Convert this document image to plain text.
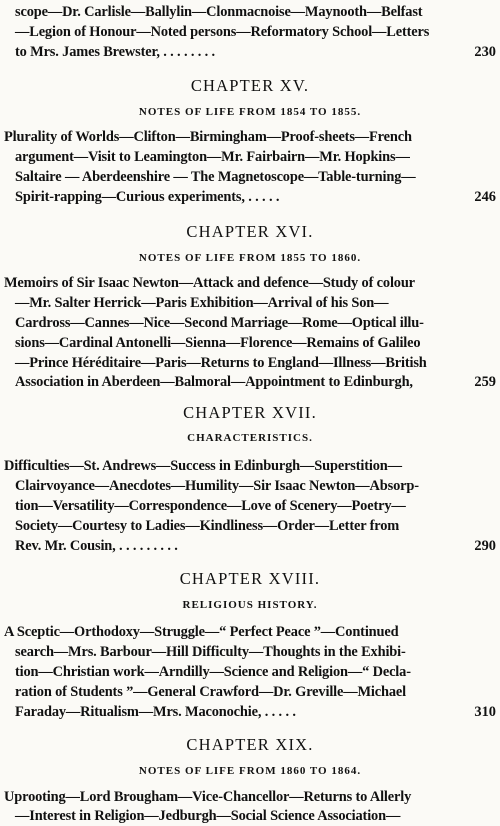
scope—Dr. Carlisle—Ballylin—Clonmacnoise—Maynooth—Belfast
—Legion of Honour—Noted persons—Reformatory School—Letters
to Mrs. James Brewster, . . . . . . . .	230
CHAPTER XV.
NOTES OF LIFE FROM 1854 TO 1855.
Plurality of Worlds—Clifton—Birmingham—Proof-sheets—French
argument—Visit to Leamington—Mr. Fairbairn—Mr. Hopkins—
Saltaire — Aberdeenshire — The Magnetoscope—Table-turning—
Spirit-rapping—Curious experiments, . . . . .	246
CHAPTER XVI.
NOTES OF LIFE FROM 1855 TO 1860.
Memoirs of Sir Isaac Newton—Attack and defence—Study of colour
—Mr. Salter Herrick—Paris Exhibition—Arrival of his Son—
Cardross—Cannes—Nice—Second Marriage—Rome—Optical illu-
sions—Cardinal Antonelli—Sienna—Florence—Remains of Galileo
—Prince Héréditaire—Paris—Returns to England—Illness—British
Association in Aberdeen—Balmoral—Appointment to Edinburgh,	259
CHAPTER XVII.
CHARACTERISTICS.
Difficulties—St. Andrews—Success in Edinburgh—Superstition—
Clairvoyance—Anecdotes—Humility—Sir Isaac Newton—Absorp-
tion—Versatility—Correspondence—Love of Scenery—Poetry—
Society—Courtesy to Ladies—Kindliness—Order—Letter from
Rev. Mr. Cousin, . . . . . . . . .	290
CHAPTER XVIII.
RELIGIOUS HISTORY.
A Sceptic—Orthodoxy—Struggle—“ Perfect Peace ”—Continued
search—Mrs. Barbour—Hill Difficulty—Thoughts in the Exhibi-
tion—Christian work—Arndilly—Science and Religion—“ Decla-
ration of Students ”—General Crawford—Dr. Greville—Michael
Faraday—Ritualism—Mrs. Maconochie, . . . . .	310
CHAPTER XIX.
NOTES OF LIFE FROM 1860 TO 1864.
Uprooting—Lord Brougham—Vice-Chancellor—Returns to Allerly
—Interest in Religion—Jedburgh—Social Science Association—
